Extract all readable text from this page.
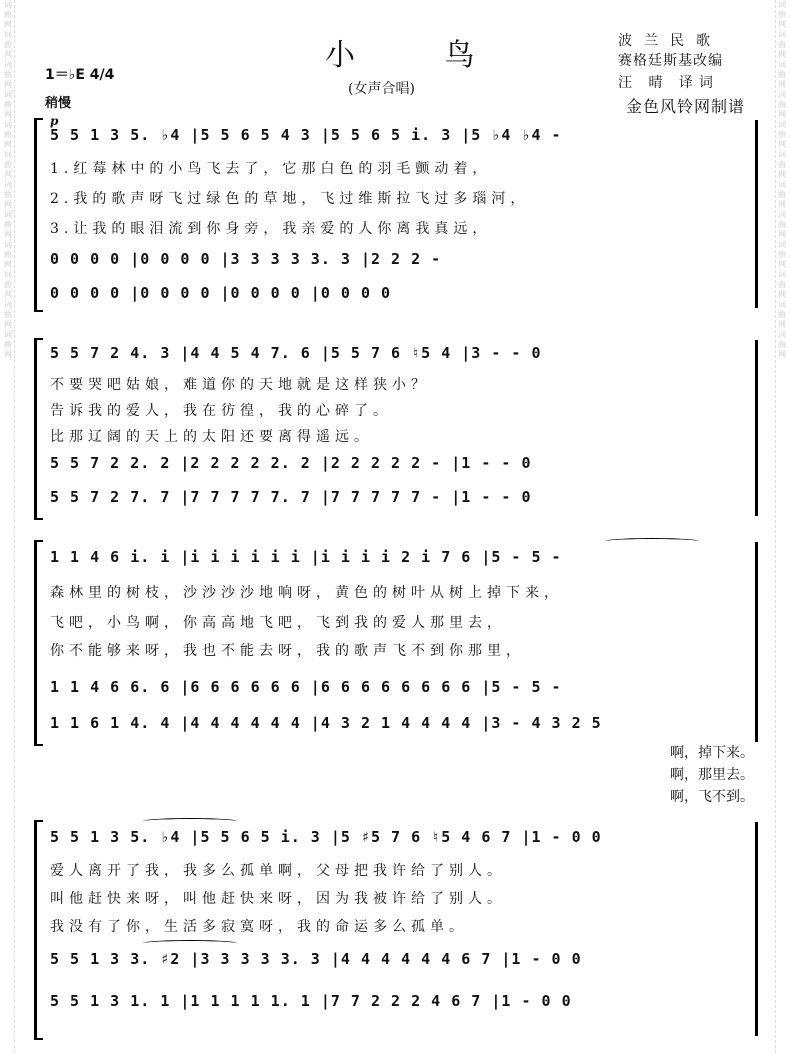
词曲网词曲网词曲网词曲网词曲网词曲网词曲网词曲网词曲网词曲网词曲网词曲网
词曲网词曲网词曲网词曲网词曲网词曲网词曲网词曲网词曲网词曲网词曲网词曲网
小 鸟
(女声合唱)
1＝♭E 4/4
稍慢
波兰民歌
赛格廷斯基改编
汪 晴 译词
金色风铃网制谱
p
5 5 1 3 5. ♭4 |5 5 6 5 4 3 |5 5 6 5 i. 3 |5 ♭4 ♭4 -
1.红莓林中的小鸟飞去了，它那白色的羽毛颤动着，
2.我的歌声呀飞过绿色的草地，飞过维斯拉飞过多瑙河，
3.让我的眼泪流到你身旁，我亲爱的人你离我真远，
0 0 0 0 |0 0 0 0 |3 3 3 3 3. 3 |2 2 2 -
0 0 0 0 |0 0 0 0 |0 0 0 0 |0 0 0 0
5 5 7 2 4. 3 |4 4 5 4 7. 6 |5 5 7 6 ♮5 4 |3 - - 0
不要哭吧姑娘，难道你的天地就是这样狭小？
告诉我的爱人，我在彷徨，我的心碎了。
比那辽阔的天上的太阳还要离得遥远。
5 5 7 2 2. 2 |2 2 2 2 2. 2 |2 2 2 2 2 - |1 - - 0
5 5 7 2 7. 7 |7 7 7 7 7. 7 |7 7 7 7 7 - |1 - - 0
1 1 4 6 i. i |i i i i i i |i i i i 2 i 7 6 |5 - 5 -
森林里的树枝，沙沙沙沙地响呀，黄色的树叶从树上掉下来，
飞吧，小鸟啊，你高高地飞吧，飞到我的爱人那里去，
你不能够来呀，我也不能去呀，我的歌声飞不到你那里，
1 1 4 6 6. 6 |6 6 6 6 6 6 |6 6 6 6 6 6 6 6 |5 - 5 -
1 1 6 1 4. 4 |4 4 4 4 4 4 |4 3 2 1 4 4 4 4 |3 - 4 3 2 5
啊，掉下来。
啊，那里去。
啊，飞不到。
5 5 1 3 5. ♭4 |5 5 6 5 i. 3 |5 ♯5 7 6 ♮5 4 6 7 |1 - 0 0
爱人离开了我，我多么孤单啊，父母把我许给了别人。
叫他赶快来呀，叫他赶快来呀，因为我被许给了别人。
我没有了你，生活多寂寞呀，我的命运多么孤单。
5 5 1 3 3. ♯2 |3 3 3 3 3. 3 |4 4 4 4 4 4 6 7 |1 - 0 0
5 5 1 3 1. 1 |1 1 1 1 1. 1 |7 7 2 2 2 4 6 7 |1 - 0 0
